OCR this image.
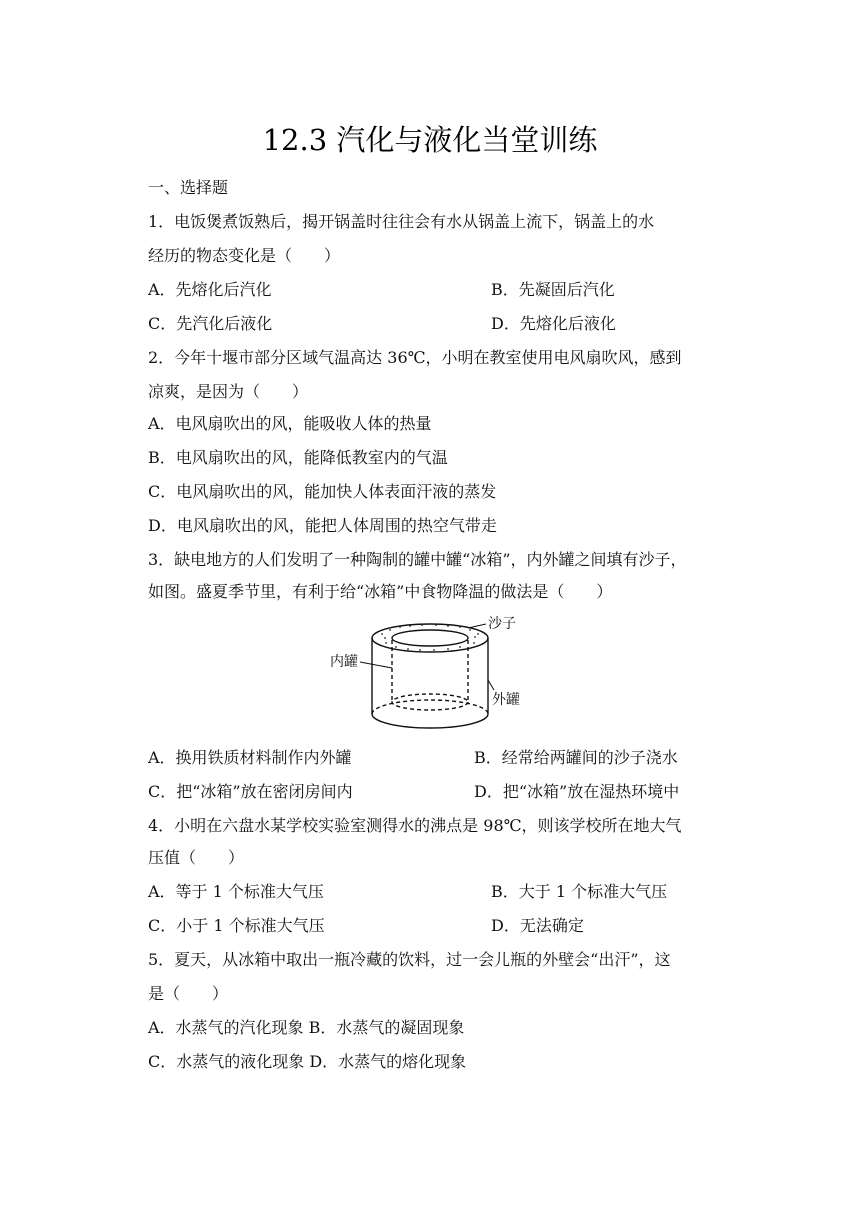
12.3 汽化与液化当堂训练
一、选择题
1．电饭煲煮饭熟后，揭开锅盖时往往会有水从锅盖上流下，锅盖上的水
经历的物态变化是（　　）
A．先熔化后汽化	B．先凝固后汽化
C．先汽化后液化	D．先熔化后液化
2．今年十堰市部分区域气温高达 36℃，小明在教室使用电风扇吹风，感到
凉爽，是因为（　　）
A．电风扇吹出的风，能吸收人体的热量
B．电风扇吹出的风，能降低教室内的气温
C．电风扇吹出的风，能加快人体表面汗液的蒸发
D．电风扇吹出的风，能把人体周围的热空气带走
3．缺电地方的人们发明了一种陶制的罐中罐“冰箱”，内外罐之间填有沙子，
如图。盛夏季节里，有利于给“冰箱”中食物降温的做法是（　　）
沙子
内罐
外罐
A．换用铁质材料制作内外罐	B．经常给两罐间的沙子浇水
C．把“冰箱”放在密闭房间内	D．把“冰箱”放在湿热环境中
4．小明在六盘水某学校实验室测得水的沸点是 98℃，则该学校所在地大气
压值（　　）
A．等于 1 个标准大气压	B．大于 1 个标准大气压
C．小于 1 个标准大气压	D．无法确定
5．夏天，从冰箱中取出一瓶冷藏的饮料，过一会儿瓶的外壁会“出汗”，这
是（　　）
A．水蒸气的汽化现象 B．水蒸气的凝固现象
C．水蒸气的液化现象 D．水蒸气的熔化现象
